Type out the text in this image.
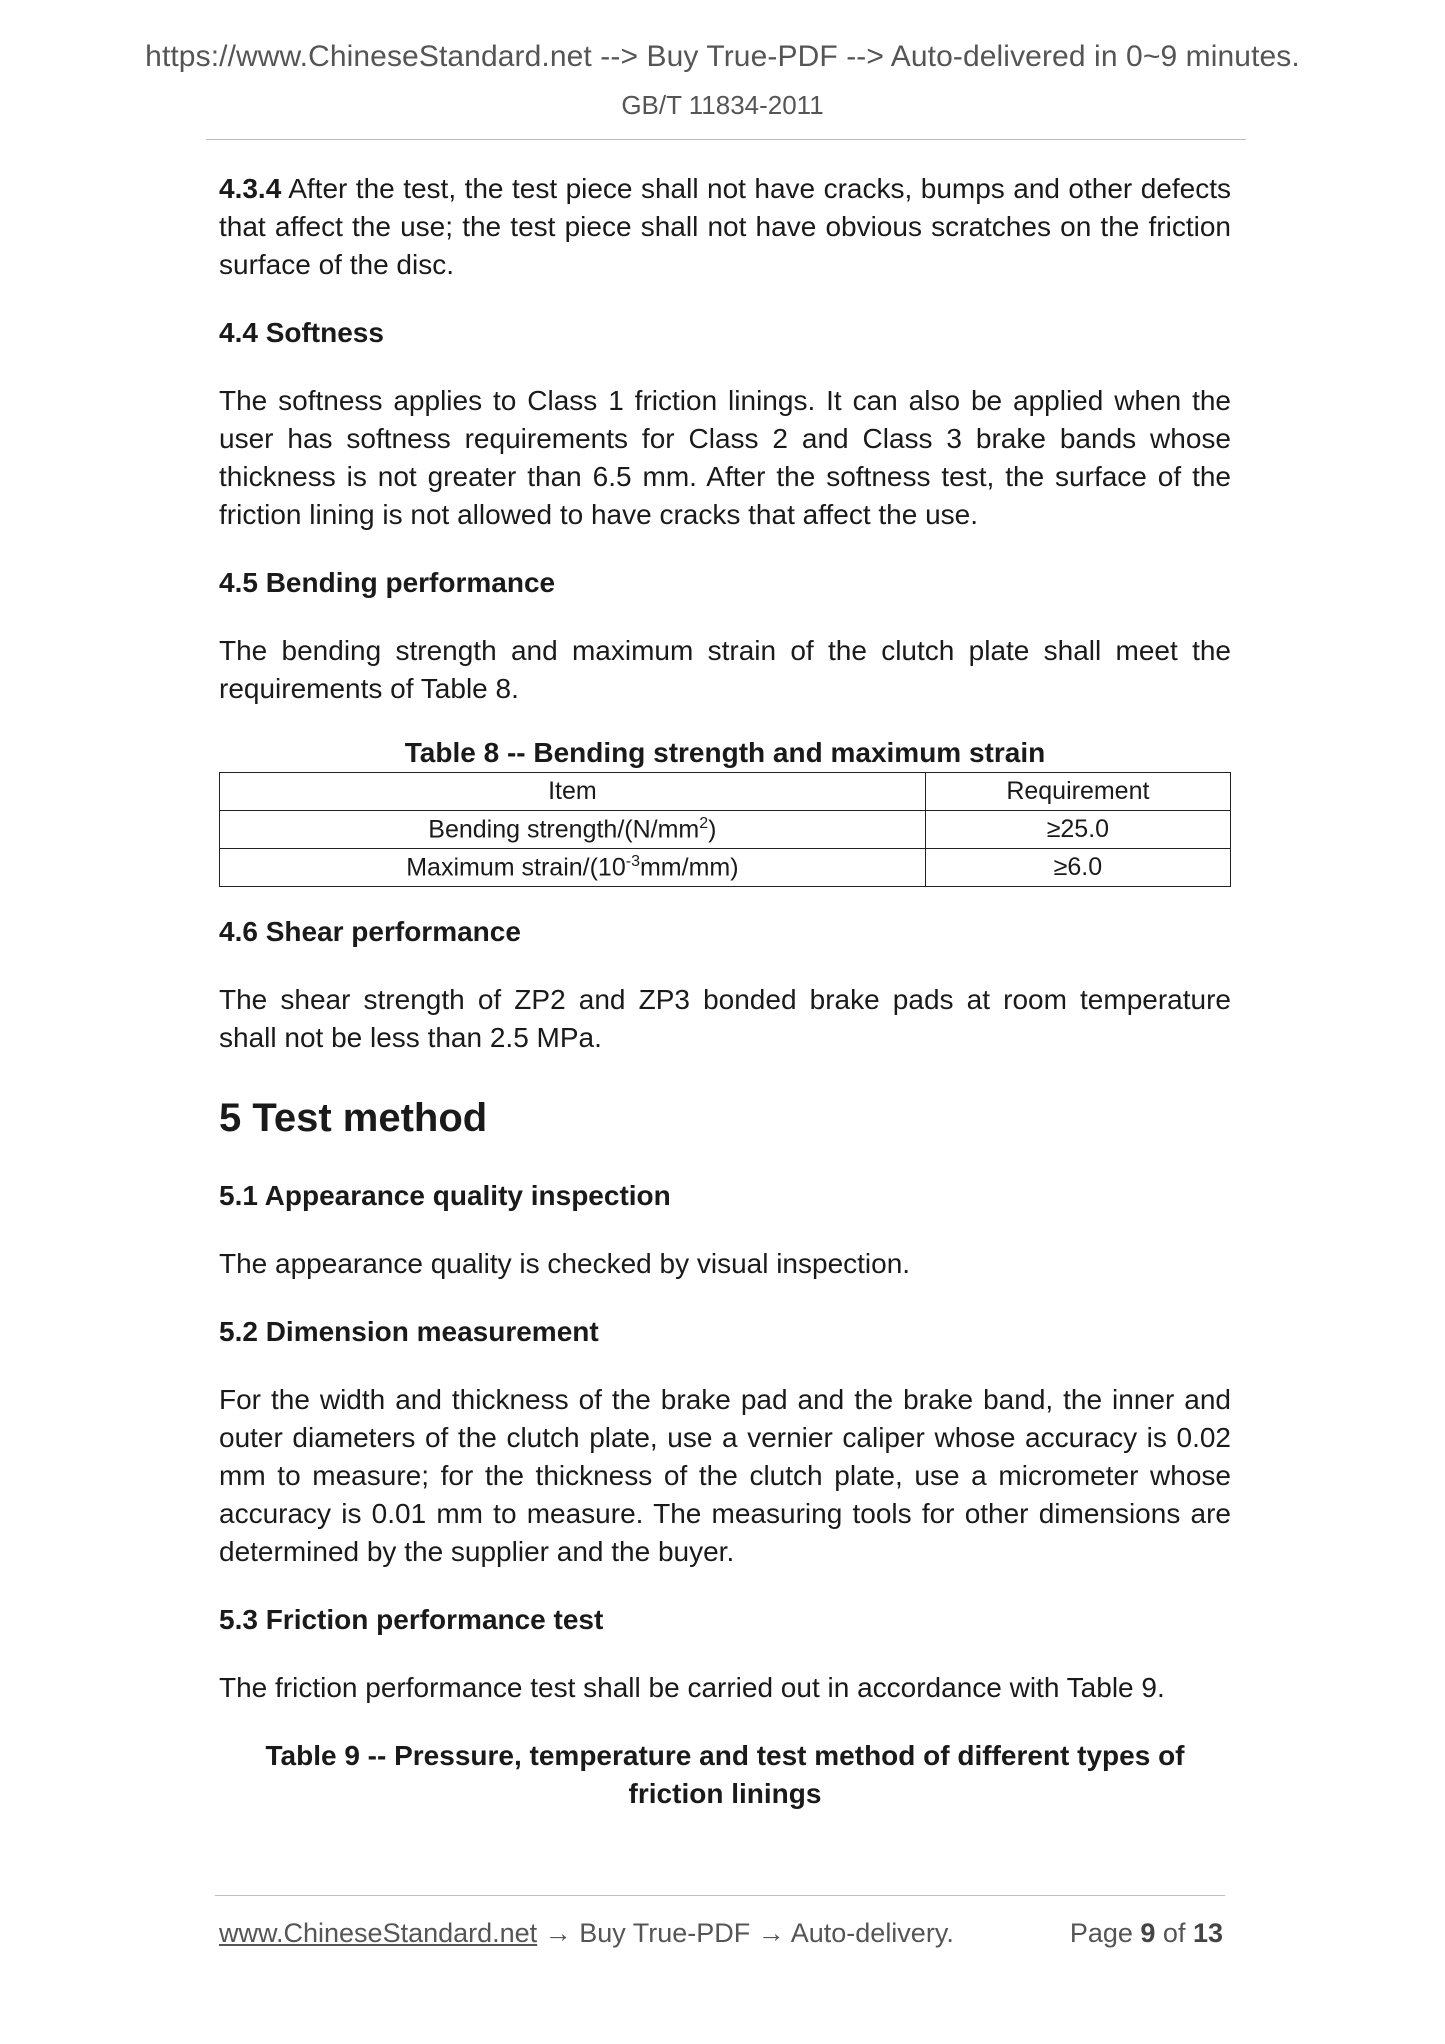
https://www.ChineseStandard.net --> Buy True-PDF --> Auto-delivered in 0~9 minutes.
GB/T 11834-2011

4.3.4 After the test, the test piece shall not have cracks, bumps and other defects that affect the use; the test piece shall not have obvious scratches on the friction surface of the disc.

4.4 Softness

The softness applies to Class 1 friction linings. It can also be applied when the user has softness requirements for Class 2 and Class 3 brake bands whose thickness is not greater than 6.5 mm. After the softness test, the surface of the friction lining is not allowed to have cracks that affect the use.

4.5 Bending performance

The bending strength and maximum strain of the clutch plate shall meet the requirements of Table 8.

Table 8 -- Bending strength and maximum strain

Item	Requirement
Bending strength/$(N/mm^2)$	≥25.0
Maximum strain/$(10^{-3}mm/mm)$	≥6.0

4.6 Shear performance

The shear strength of ZP2 and ZP3 bonded brake pads at room temperature shall not be less than 2.5 MPa.

5 Test method

5.1 Appearance quality inspection

The appearance quality is checked by visual inspection.

5.2 Dimension measurement

For the width and thickness of the brake pad and the brake band, the inner and outer diameters of the clutch plate, use a vernier caliper whose accuracy is 0.02 mm to measure; for the thickness of the clutch plate, use a micrometer whose accuracy is 0.01 mm to measure. The measuring tools for other dimensions are determined by the supplier and the buyer.

5.3 Friction performance test

The friction performance test shall be carried out in accordance with Table 9.

Table 9 -- Pressure, temperature and test method of different types of
friction linings

www.ChineseStandard.net → Buy True-PDF → Auto-delivery.	Page 9 of 13
